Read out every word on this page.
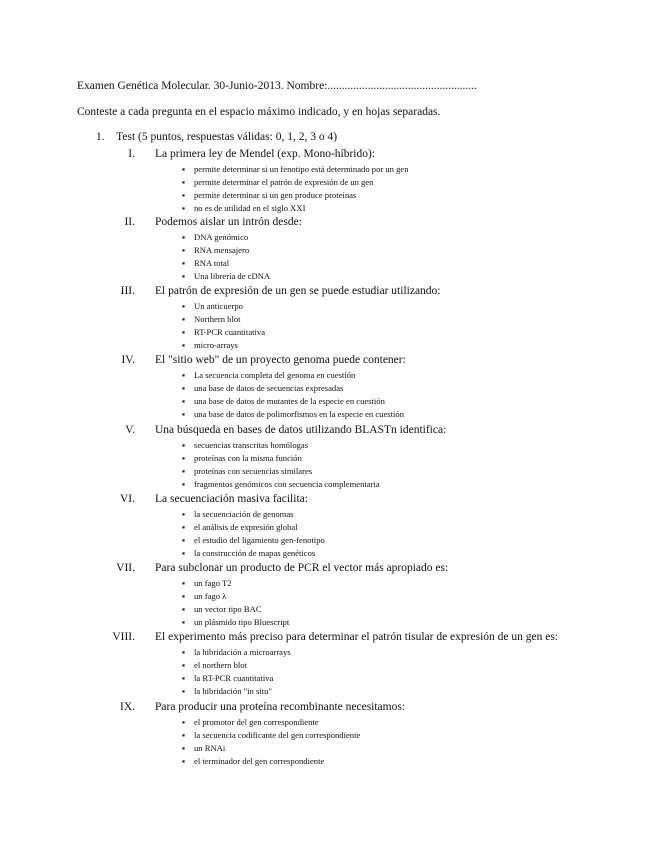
Examen Genética Molecular. 30-Junio-2013. Nombre:....................................................
Conteste a cada pregunta en el espacio máximo indicado, y en hojas separadas.
1. Test (5 puntos, respuestas válidas: 0, 1, 2, 3 o 4)
I. La primera ley de Mendel (exp. Mono-híbrido):
▪ permite determinar si un fenotipo está determinado por un gen
▪ permite determinar el patrón de expresión de un gen
▪ permite determinar si un gen produce proteínas
▪ no es de utilidad en el siglo XXI
II. Podemos aislar un intrón desde:
▪ DNA genómico
▪ RNA mensajero
▪ RNA total
▪ Una librería de cDNA
III. El patrón de expresión de un gen se puede estudiar utilizando:
▪ Un anticuerpo
▪ Northern blot
▪ RT-PCR cuantitativa
▪ micro-arrays
IV. El "sitio web" de un proyecto genoma puede contener:
▪ La secuencia completa del genoma en cuestión
▪ una base de datos de secuencias expresadas
▪ una base de datos de mutantes de la especie en cuestión
▪ una base de datos de polimorfismos en la especie en cuestión
V. Una búsqueda en bases de datos utilizando BLASTn identifica:
▪ secuencias transcritas homólogas
▪ proteínas con la misma función
▪ proteínas con secuencias similares
▪ fragmentos genómicos con secuencia complementaria
VI. La secuenciación masiva facilita:
▪ la secuenciación de genomas
▪ el análisis de expresión global
▪ el estudio del ligamiento gen-fenotipo
▪ la construcción de mapas genéticos
VII. Para subclonar un producto de PCR el vector más apropiado es:
▪ un fago T2
▪ un fago λ
▪ un vector tipo BAC
▪ un plásmido tipo Bluescript
VIII. El experimento más preciso para determinar el patrón tisular de expresión de un gen es:
▪ la hibridación a microarrays
▪ el northern blot
▪ la RT-PCR cuantitativa
▪ la hibridación "in situ"
IX. Para producir una proteína recombinante necesitamos:
▪ el promotor del gen correspondiente
▪ la secuencia codificante del gen correspondiente
▪ un RNAi
▪ el terminador del gen correspondiente
